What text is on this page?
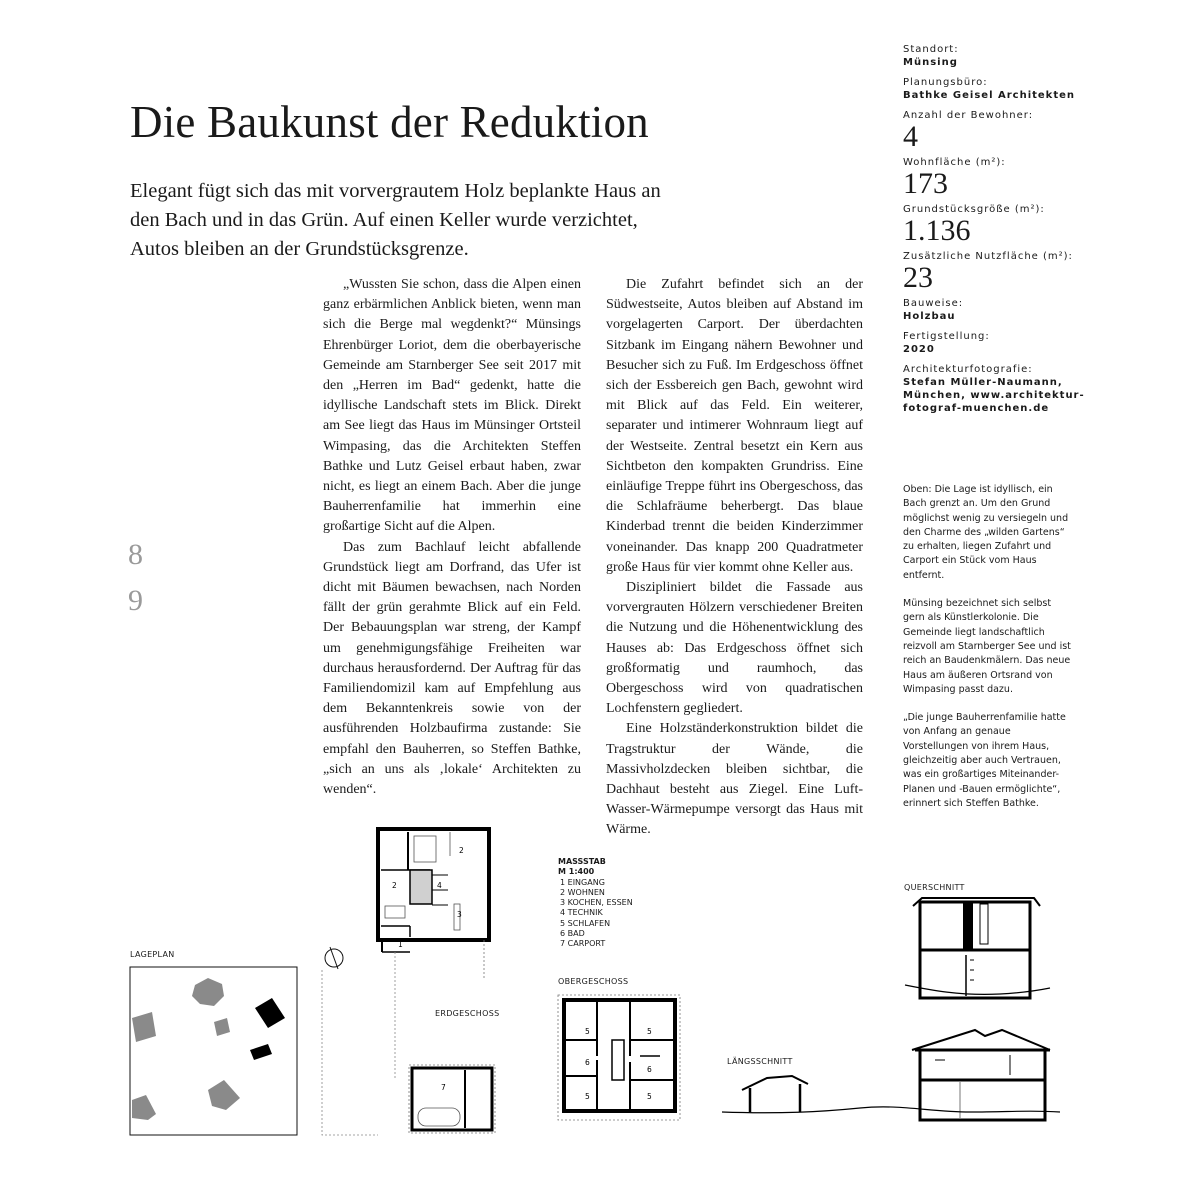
Die Baukunst der Reduktion

Elegant fügt sich das mit vorvergrautem Holz beplankte Haus an den Bach und in das Grün. Auf einen Keller wurde verzichtet, Autos bleiben an der Grundstücksgrenze.

8
9

„Wussten Sie schon, dass die Alpen einen ganz erbärmlichen Anblick bieten, wenn man sich die Berge mal wegdenkt?“ Münsings Ehrenbürger Loriot, dem die oberbayerische Gemeinde am Starnberger See seit 2017 mit den „Herren im Bad“ gedenkt, hatte die idyllische Landschaft stets im Blick. Direkt am See liegt das Haus im Münsinger Ortsteil Wimpasing, das die Architekten Steffen Bathke und Lutz Geisel erbaut haben, zwar nicht, es liegt an einem Bach. Aber die junge Bauherrenfamilie hat immerhin eine großartige Sicht auf die Alpen.

Das zum Bachlauf leicht abfallende Grundstück liegt am Dorfrand, das Ufer ist dicht mit Bäumen bewachsen, nach Norden fällt der grün gerahmte Blick auf ein Feld. Der Bebauungsplan war streng, der Kampf um genehmigungsfähige Freiheiten war durchaus herausfordernd. Der Auftrag für das Familiendomizil kam auf Empfehlung aus dem Bekanntenkreis sowie von der ausführenden Holzbaufirma zustande: Sie empfahl den Bauherren, so Steffen Bathke, „sich an uns als ‚lokale‘ Architekten zu wenden“.

Die Zufahrt befindet sich an der Südwestseite, Autos bleiben auf Abstand im vorgelagerten Carport. Der überdachten Sitzbank im Eingang nähern Bewohner und Besucher sich zu Fuß. Im Erdgeschoss öffnet sich der Essbereich gen Bach, gewohnt wird mit Blick auf das Feld. Ein weiterer, separater und intimerer Wohnraum liegt auf der Westseite. Zentral besetzt ein Kern aus Sichtbeton den kompakten Grundriss. Eine einläufige Treppe führt ins Obergeschoss, das die Schlafräume beherbergt. Das blaue Kinderbad trennt die beiden Kinderzimmer voneinander. Das knapp 200 Quadratmeter große Haus für vier kommt ohne Keller aus.

Diszipliniert bildet die Fassade aus vorvergrauten Hölzern verschiedener Breiten die Nutzung und die Höhenentwicklung des Hauses ab: Das Erdgeschoss öffnet sich großformatig und raumhoch, das Obergeschoss wird von quadratischen Lochfenstern gegliedert.

Eine Holzständerkonstruktion bildet die Tragstruktur der Wände, die Massivholzdecken bleiben sichtbar, die Dachhaut besteht aus Ziegel. Eine Luft-Wasser-Wärmepumpe versorgt das Haus mit Wärme.

Standort:
Münsing
Planungsbüro:
Bathke Geisel Architekten
Anzahl der Bewohner:
4
Wohnfläche (m²):
173
Grundstücksgröße (m²):
1.136
Zusätzliche Nutzfläche (m²):
23
Bauweise:
Holzbau
Fertigstellung:
2020
Architekturfotografie:
Stefan Müller-Naumann, München, www.architektur-fotograf-muenchen.de

Oben: Die Lage ist idyllisch, ein Bach grenzt an. Um den Grund möglichst wenig zu versiegeln und den Charme des „wilden Gartens“ zu erhalten, liegen Zufahrt und Carport ein Stück vom Haus entfernt.

Münsing bezeichnet sich selbst gern als Künstlerkolonie. Die Gemeinde liegt landschaftlich reizvoll am Starnberger See und ist reich an Baudenkmälern. Das neue Haus am äußeren Ortsrand von Wimpasing passt dazu.

„Die junge Bauherrenfamilie hatte von Anfang an genaue Vorstellungen von ihrem Haus, gleichzeitig aber auch Vertrauen, was ein großartiges Miteinander-Planen und -Bauen ermöglichte“, erinnert sich Steffen Bathke.

LAGEPLAN
ERDGESCHOSS
OBERGESCHOSS
QUERSCHNITT
LÄNGSSCHNITT
MASSSTAB
M 1:400
1 EINGANG
2 WOHNEN
3 KOCHEN, ESSEN
4 TECHNIK
5 SCHLAFEN
6 BAD
7 CARPORT
2
2	4
3
1
7
5	5
6
6
5	5
